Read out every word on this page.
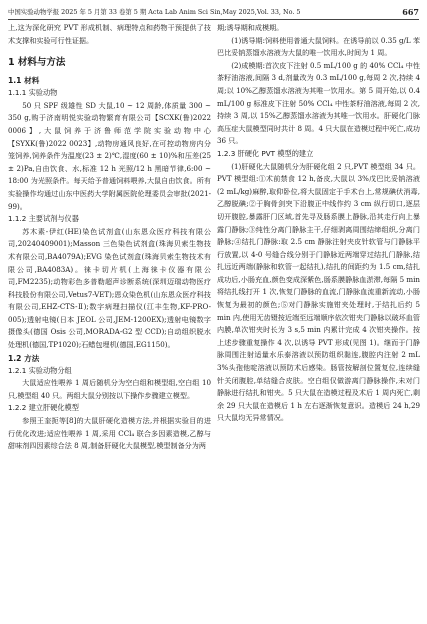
中国实验动物学报 2025 年 5 月第 33 卷第 5 期 Acta Lab Anim Sci Sin,May 2025,Vol. 33, No. 5	667

上,这为深化研究 PVT 形成机制、病理特点和药物干预提供了技术支撑和实验可行性证据。

1 材料与方法
1.1 材料
1.1.1 实验动物

50 只 SPF 级雄性 SD 大鼠,10 ~ 12 周龄,体质量 300 ~ 350 g,购于济南明悦实验动物繁育有限公司【SCXK(鲁)2022 0006】,大鼠饲养于济鲁师范学院实验动物中心【SYXK(鲁)2022 0023】,动物房通风良好,在可控动物房内分笼饲养,饲养条件为温度(23 ± 2)℃,湿度(60 ± 10)%和压差(25 ± 2)Pa,自由饮食、水,标准 12 h 光照/12 h 黑暗节律,6:00 ~ 18:00 为光照条件。每天给予普通饲料喂养,大鼠自由饮食。所有实验操作均通过山东中医药大学附属医院伦理委员会审批(2021-99)。

1.1.2 主要试剂与仪器

苏木素-伊红(HE)染色试剂盒(山东恩众医疗科技有限公司,20240409001);Masson 三色染色试剂盒(珠海贝索生物技术有限公司,BA4079A);EVG 染色试剂盒(珠海贝索生物技术有限公司,BA4083A)。徕卡切片机(上海徕卡仪器有限公司,FM2235);动物彩色多普勒超声诊断系统(深圳迈瑞动物医疗科技股份有限公司,Vetus7-VET);恩众染色机(山东恩众医疗科技有限公司,EHZ-CTS-Ⅱ);数字病理扫描仪(江丰生物,KF-PRO-005);透射电镜(日本 JEOL 公司,JEM-1200EX);透射电镜数字摄像头(德国 Osis 公司,MORADA-G2 型 CCD);自动组织脱水处理机(德国,TP1020);石蜡包埋机(德国,EG1150)。

1.2 方法
1.2.1 实验动物分组

大鼠适应性喂养 1 周后随机分为空白组和模型组,空白组 10 只,模型组 40 只。两组大鼠分别按以下操作步骤建立模型。

1.2.2 建立肝硬化模型

参照王奎扼等[8]的大鼠肝硬化造模方法,并根据实验目的进行优化改进;适应性喂养 1 周,采用 CCl₄ 联合多因素造模,乙醇与甜味剂四因素综合法 8 周,制备肝硬化大鼠模型,模型制备分为两

期;诱导期和成模期。

(1)诱导期:饲料使用普通大鼠饲料。在诱导前以 0.35 g/L 苯巴比妥钠蒸馏水溶液为大鼠的唯一饮用水,时间为 1 周。

(2)成模期:首次皮下注射 0.5 mL/100 g 的 40% CCl₄ 中性茶籽油溶液,间隔 3 d,剂量改为 0.3 mL/100 g,每周 2 次,持续 4 周;以 10%乙醇蒸馏水溶液为其唯一饮用水。第 5 周开始,以 0.4 mL/100 g 标准皮下注射 50% CCl₄ 中性茶籽油溶液,每周 2 次,持续 3 周,以 15%乙醇蒸馏水溶液为其唯一饮用水。肝硬化门脉高压症大鼠模型同时共计 8 周。4 只大鼠在造模过程中死亡,成功 36 只。

1.2.3 肝硬化 PVT 模型的建立

(1)肝硬化大鼠随机分为肝硬化组 2 只,PVT 模型组 34 只。PVT 模型组:①术前禁食 12 h,备皮,大鼠以 3%戊巴比妥钠溶液(2 mL/kg)麻醉,取仰卧位,将大鼠固定于手术台上,常规碘伏消毒,乙醇脱碘;②于胸骨剑突下沿腹正中线作约 3 cm 纵行切口,逐层切开腹腔,暴露肝门区域,首先寻及肠系膜上静脉,沿其走行向上暴露门静脉;③纯性分离门静脉主干,仔细剥离周围结缔组织,分离门静脉;④结扎门静脉:取 2.5 cm 静脉注射夹皮针软管与门静脉平行放置,以 4-0 号缝合线分别于门静脉近两端穿过结扎门静脉,结扎远近两端(静脉和软管一起结扎),结扎的间距约为 1.5 cm,结扎成功后,小肠充血,颜色变成深紫色,肠系膜静脉血淤滞,每隔 5 min 将结扎线打开 1 次,恢复门静脉的血流,门静脉血流重新流动,小肠恢复为最初的颜色;⑤对门静脉实施钳夹处理时,于结扎后约 5 min 内,使用无齿镊按近端至远端顺序依次钳夹门静脉以破坏血管内膜,单次钳夹时长为 3 s,5 min 内累计完成 4 次钳夹操作。按上述步骤重复操作 4 次,以诱导 PVT 形成(见图 1)。继而于门静脉周围注射适量水乐泰溶液以预防组织黏连,腹腔内注射 2 mL 3%头孢他啶溶液以预防术后感染。肠管按解剖位置复位,连续缝针关闭腹腔,单结缝合皮肤。空白组仅做游离门静脉操作,未对门静脉进行结扎和钳夹。5 只大鼠在造模过程及术后 1 周内死亡,剩余 29 只大鼠在造模后 1 h 左右逐渐恢复意识。造模后 24 h,29 只大鼠均无异常情况。
